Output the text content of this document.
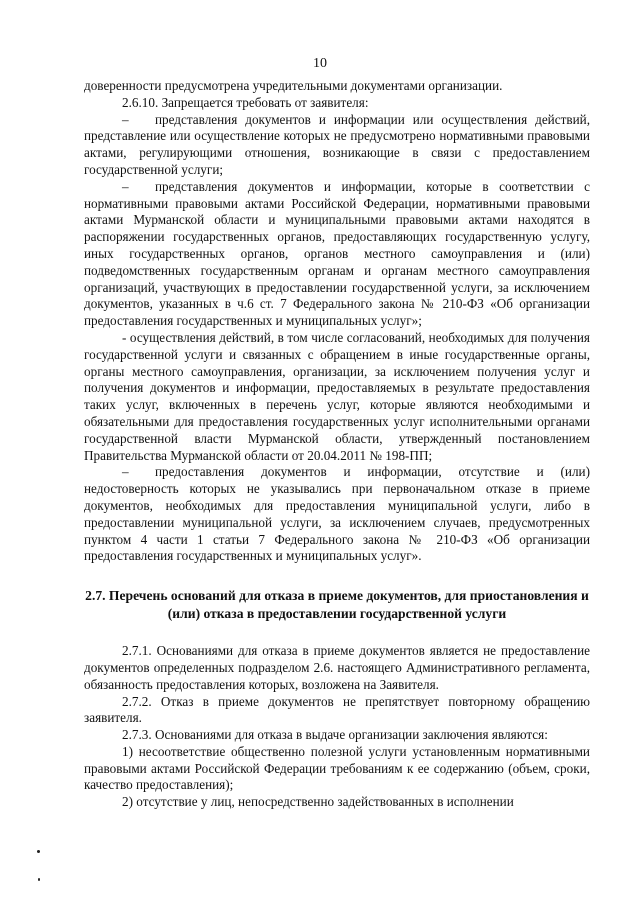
10

доверенности предусмотрена учредительными документами организации.

2.6.10. Запрещается требовать от заявителя:

–  представления документов и информации или осуществления действий, представление или осуществление которых не предусмотрено нормативными правовыми актами, регулирующими отношения, возникающие в связи с предоставлением государственной услуги;

–  представления документов и информации, которые в соответствии с нормативными правовыми актами Российской Федерации, нормативными правовыми актами Мурманской области и муниципальными правовыми актами находятся в распоряжении государственных органов, предоставляющих государственную услугу, иных государственных органов, органов местного самоуправления и (или) подведомственных государственным органам и органам местного самоуправления организаций, участвующих в предоставлении государственной услуги, за исключением документов, указанных в ч.6 ст. 7 Федерального закона № 210-ФЗ «Об организации предоставления государственных и муниципальных услуг»;

- осуществления действий, в том числе согласований, необходимых для получения государственной услуги и связанных с обращением в иные государственные органы, органы местного самоуправления, организации, за исключением получения услуг и получения документов и информации, предоставляемых в результате предоставления таких услуг, включенных в перечень услуг, которые являются необходимыми и обязательными для предоставления государственных услуг исполнительными органами государственной власти Мурманской области, утвержденный постановлением Правительства Мурманской области от 20.04.2011 № 198-ПП;

–  предоставления документов и информации, отсутствие и (или) недостоверность которых не указывались при первоначальном отказе в приеме документов, необходимых для предоставления муниципальной услуги, либо в предоставлении муниципальной услуги, за исключением случаев, предусмотренных пунктом 4 части 1 статьи 7 Федерального закона № 210-ФЗ «Об организации предоставления государственных и муниципальных услуг».

2.7. Перечень оснований для отказа в приеме документов, для приостановления и (или) отказа в предоставлении государственной услуги

2.7.1. Основаниями для отказа в приеме документов является не предоставление документов определенных подразделом 2.6. настоящего Административного регламента, обязанность предоставления которых, возложена на Заявителя.

2.7.2. Отказ в приеме документов не препятствует повторному обращению заявителя.

2.7.3. Основаниями для отказа в выдаче организации заключения являются:

1) несоответствие общественно полезной услуги установленным нормативными правовыми актами Российской Федерации требованиям к ее содержанию (объем, сроки, качество предоставления);

2) отсутствие у лиц, непосредственно задействованных в исполнении
